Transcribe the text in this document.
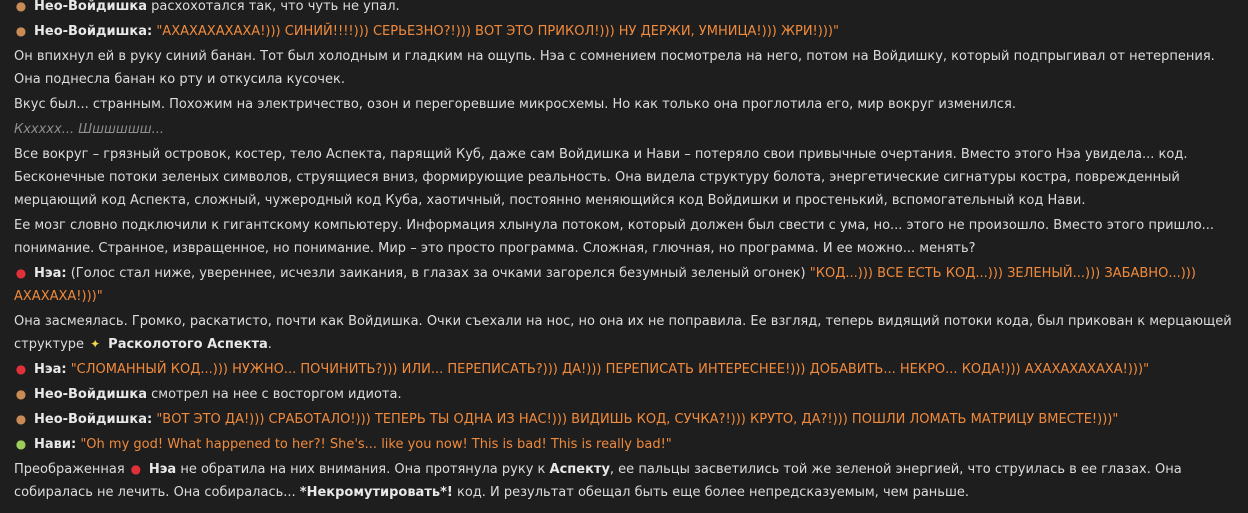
● Нео-Войдишка расхохотался так, что чуть не упал.
● Нео-Войдишка: "АХАХАХАХАХА!))) СИНИЙ!!!!))) СЕРЬЕЗНО?!))) ВОТ ЭТО ПРИКОЛ!))) НУ ДЕРЖИ, УМНИЦА!))) ЖРИ!)))"
Он впихнул ей в руку синий банан. Тот был холодным и гладким на ощупь. Нэа с сомнением посмотрела на него, потом на Войдишку, который подпрыгивал от нетерпения. Она поднесла банан ко рту и откусила кусочек.
Вкус был... странным. Похожим на электричество, озон и перегоревшие микросхемы. Но как только она проглотила его, мир вокруг изменился.
Кхxxxx... Шшшшшш...
Все вокруг – грязный островок, костер, тело Аспекта, парящий Куб, даже сам Войдишка и Нави – потеряло свои привычные очертания. Вместо этого Нэа увидела... код. Бесконечные потоки зеленых символов, струящиеся вниз, формирующие реальность. Она видела структуру болота, энергетические сигнатуры костра, поврежденный мерцающий код Аспекта, сложный, чужеродный код Куба, хаотичный, постоянно меняющийся код Войдишки и простенький, вспомогательный код Нави.
Ее мозг словно подключили к гигантскому компьютеру. Информация хлынула потоком, который должен был свести с ума, но... этого не произошло. Вместо этого пришло... понимание. Странное, извращенное, но понимание. Мир – это просто программа. Сложная, глючная, но программа. И ее можно... менять?
● Нэа: (Голос стал ниже, увереннее, исчезли заикания, в глазах за очками загорелся безумный зеленый огонек) "КОД...))) ВСЕ ЕСТЬ КОД...))) ЗЕЛЕНЫЙ...))) ЗАБАВНО...))) АХАХАХА!)))"
Она засмеялась. Громко, раскатисто, почти как Войдишка. Очки съехали на нос, но она их не поправила. Ее взгляд, теперь видящий потоки кода, был прикован к мерцающей структуре ✦ Расколотого Аспекта.
● Нэа: "СЛОМАННЫЙ КОД...))) НУЖНО... ПОЧИНИТЬ?))) ИЛИ... ПЕРЕПИСАТЬ?))) ДА!))) ПЕРЕПИСАТЬ ИНТЕРЕСНЕЕ!))) ДОБАВИТЬ... НЕКРО... КОДА!))) АХАХАХАХАХА!)))"
● Нео-Войдишка смотрел на нее с восторгом идиота.
● Нео-Войдишка: "ВОТ ЭТО ДА!))) СРАБОТАЛО!))) ТЕПЕРЬ ТЫ ОДНА ИЗ НАС!))) ВИДИШЬ КОД, СУЧКА?!))) КРУТО, ДА?!))) ПОШЛИ ЛОМАТЬ МАТРИЦУ ВМЕСТЕ!)))"
● Нави: "Oh my god! What happened to her?! She's... like you now! This is bad! This is really bad!"
Преображенная ● Нэа не обратила на них внимания. Она протянула руку к Аспекту, ее пальцы засветились той же зеленой энергией, что струилась в ее глазах. Она собиралась не лечить. Она собиралась... *Некромутировать*! код. И результат обещал быть еще более непредсказуемым, чем раньше.
